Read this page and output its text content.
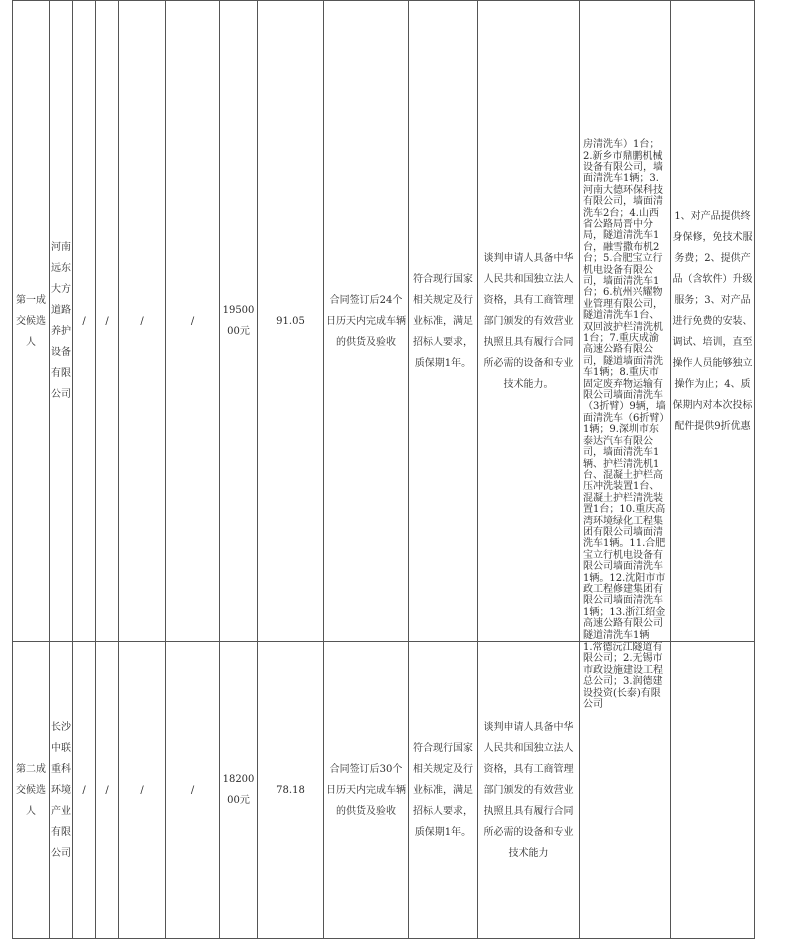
第一成交候选人	河南远东大方道路养护设备有限公司	/	/	/	/	1950000元	91.05	合同签订后24个日历天内完成车辆的供货及验收	符合现行国家相关规定及行业标准，满足招标人要求，质保期1年。	谈判申请人具备中华人民共和国独立法人资格，具有工商管理部门颁发的有效营业执照且具有履行合同所必需的设备和专业技术能力。	房清洗车）1台；2.新乡市鼎鹏机械设备有限公司，墙面清洗车1辆；3.河南大德环保科技有限公司，墙面清洗车2台；4.山西省公路局晋中分局，隧道清洗车1台，融雪撒布机2台；5.合肥宝立行机电设备有限公司，墙面清洗车1台；6.杭州兴耀物业管理有限公司，隧道清洗车1台、双回波护栏清洗机1台；7.重庆成渝高速公路有限公司，隧道墙面清洗车1辆；8.重庆市固定废弃物运输有限公司墙面清洗车（3折臂）9辆，墙面清洗车（6折臂）1辆；9.深圳市东泰达汽车有限公司，墙面清洗车1辆、护栏清洗机1台、混凝土护栏高压冲洗装置1台、混凝土护栏清洗装置1台；10.重庆高湾环境绿化工程集团有限公司墙面清洗车1辆。11.合肥宝立行机电设备有限公司墙面清洗车1辆。12.沈阳市市政工程修建集团有限公司墙面清洗车1辆；13.浙江绍金高速公路有限公司隧道清洗车1辆	1、对产品提供终身保修，免技术服务费；2、提供产品（含软件）升级服务；3、对产品进行免费的安装、调试、培训，直至操作人员能够独立操作为止；4、质保期内对本次投标配件提供9折优惠
第二成交候选人	长沙中联重科环境产业有限公司	/	/	/	/	1820000元	78.18	合同签订后30个日历天内完成车辆的供货及验收	符合现行国家相关规定及行业标准，满足招标人要求，质保期1年。	谈判申请人具备中华人民共和国独立法人资格，具有工商管理部门颁发的有效营业执照且具有履行合同所必需的设备和专业技术能力	1.常德沅江隧道有限公司；2.无锡市市政设施建设工程总公司；3.润德建设投资(长泰)有限公司	
